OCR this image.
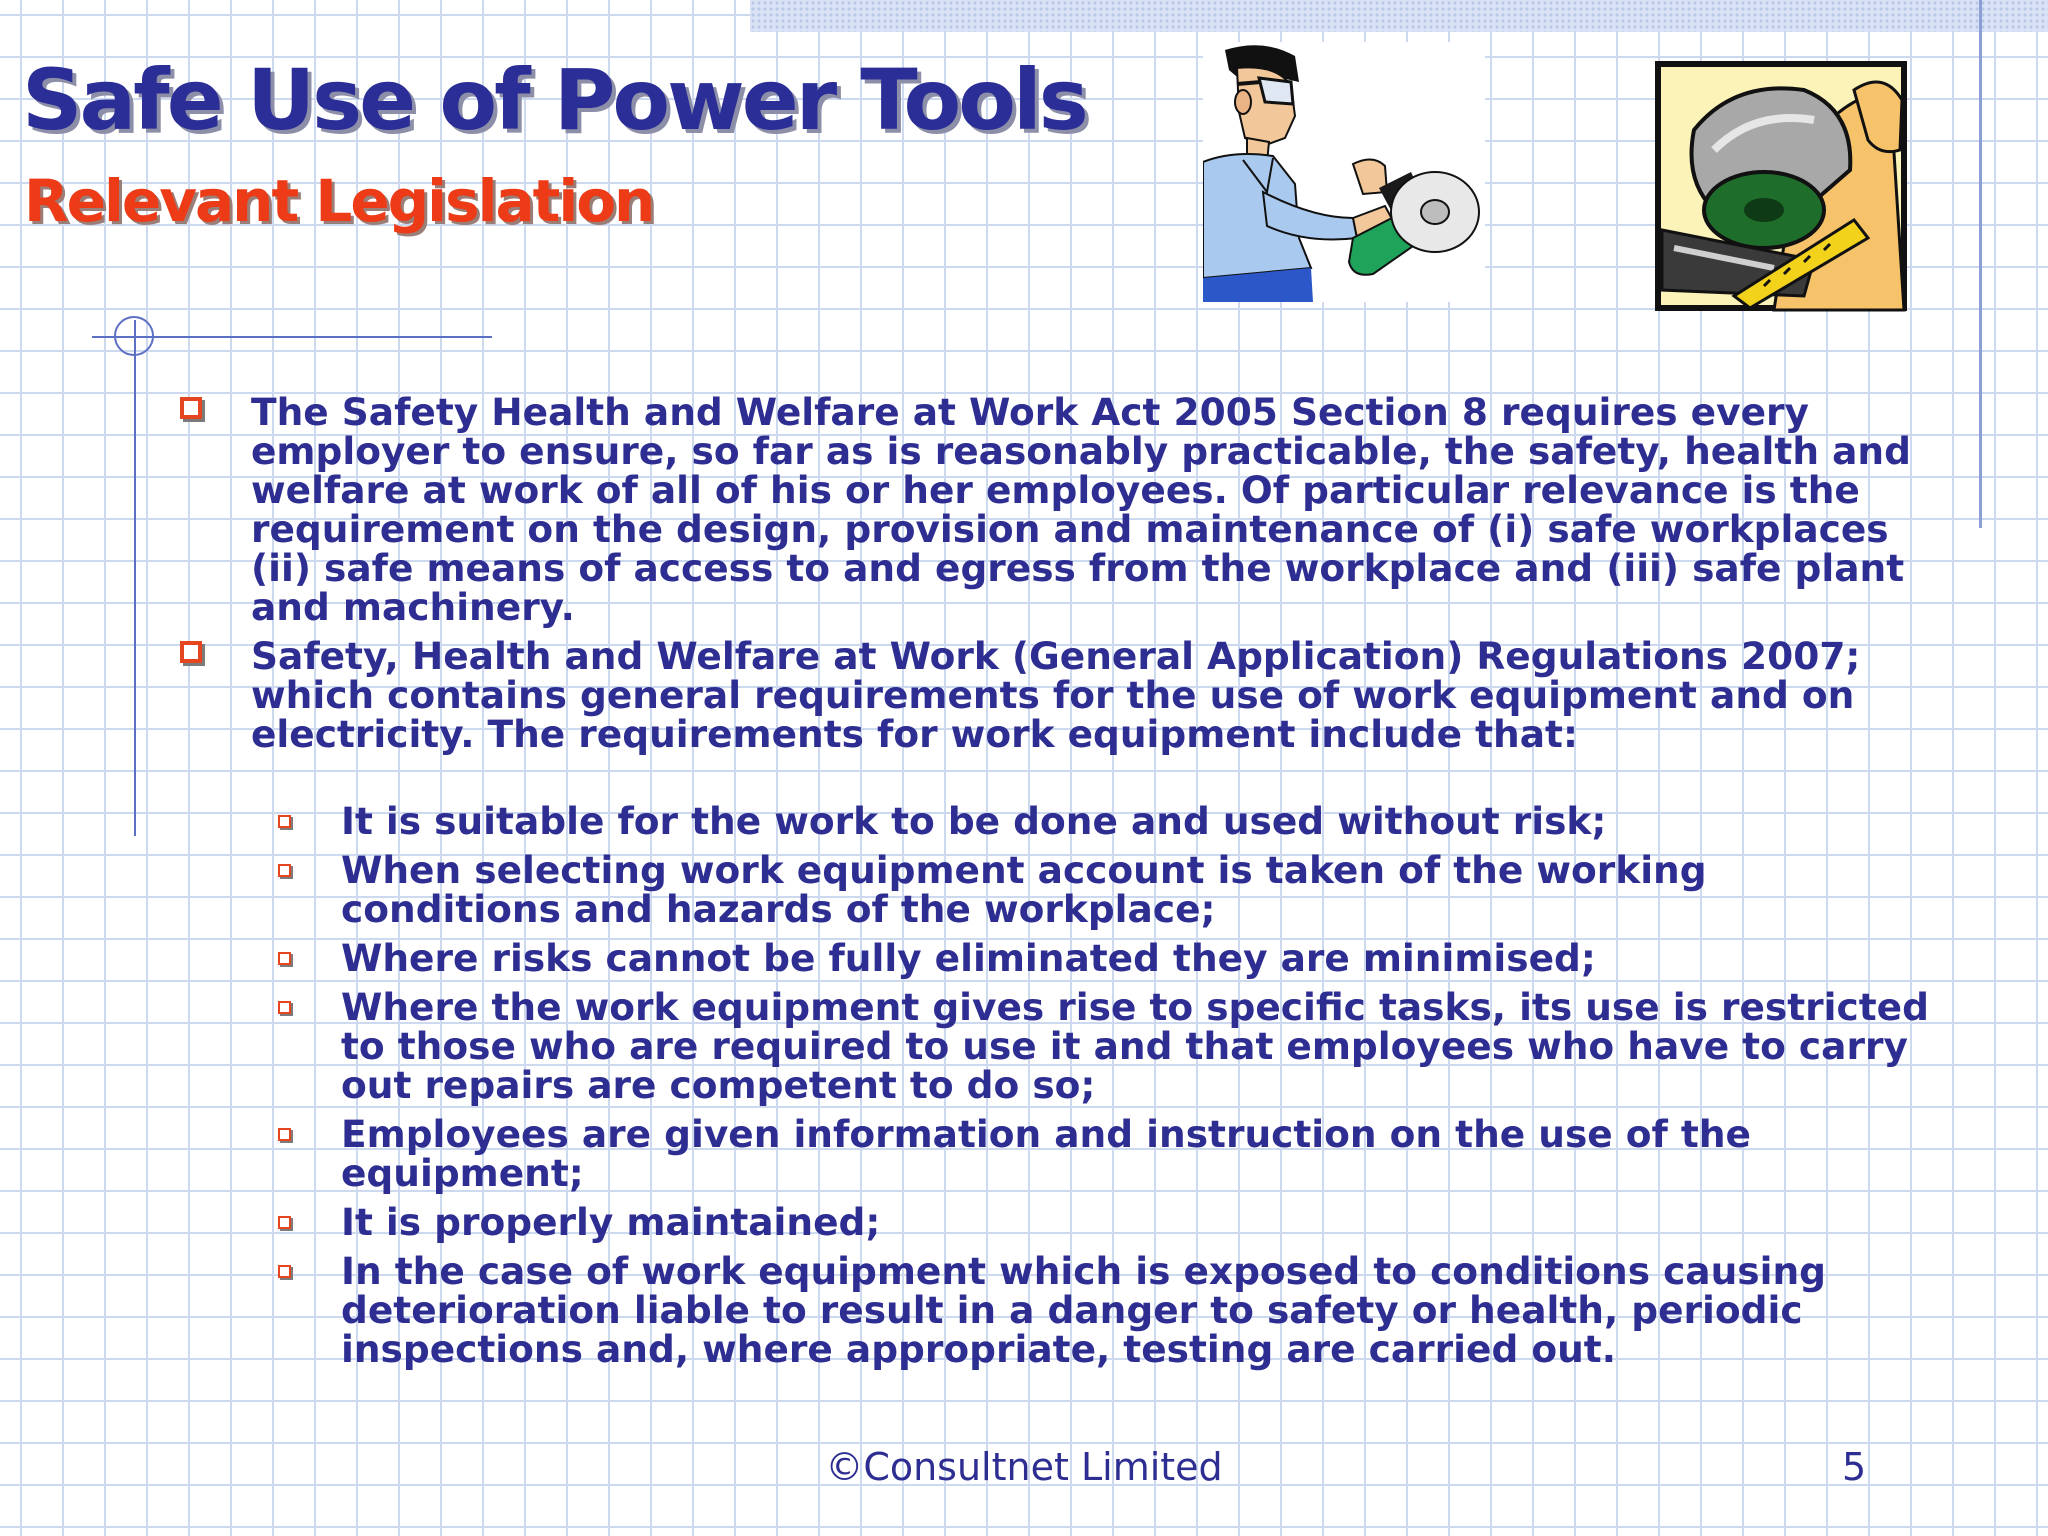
Safe Use of Power Tools
Relevant Legislation
The Safety Health and Welfare at Work Act 2005 Section 8 requires every employer to ensure, so far as is reasonably practicable, the safety, health and welfare at work of all of his or her employees. Of particular relevance is the requirement on the design, provision and maintenance of (i) safe workplaces (ii) safe means of access to and egress from the workplace and (iii) safe plant and machinery.
Safety, Health and Welfare at Work (General Application) Regulations 2007; which contains general requirements for the use of work equipment and on electricity. The requirements for work equipment include that:
It is suitable for the work to be done and used without risk;
When selecting work equipment account is taken of the working conditions and hazards of the workplace;
Where risks cannot be fully eliminated they are minimised;
Where the work equipment gives rise to specific tasks, its use is restricted to those who are required to use it and that employees who have to carry out repairs are competent to do so;
Employees are given information and instruction on the use of the equipment;
It is properly maintained;
In the case of work equipment which is exposed to conditions causing deterioration liable to result in a danger to safety or health, periodic inspections and, where appropriate, testing are carried out.
©Consultnet Limited	5
